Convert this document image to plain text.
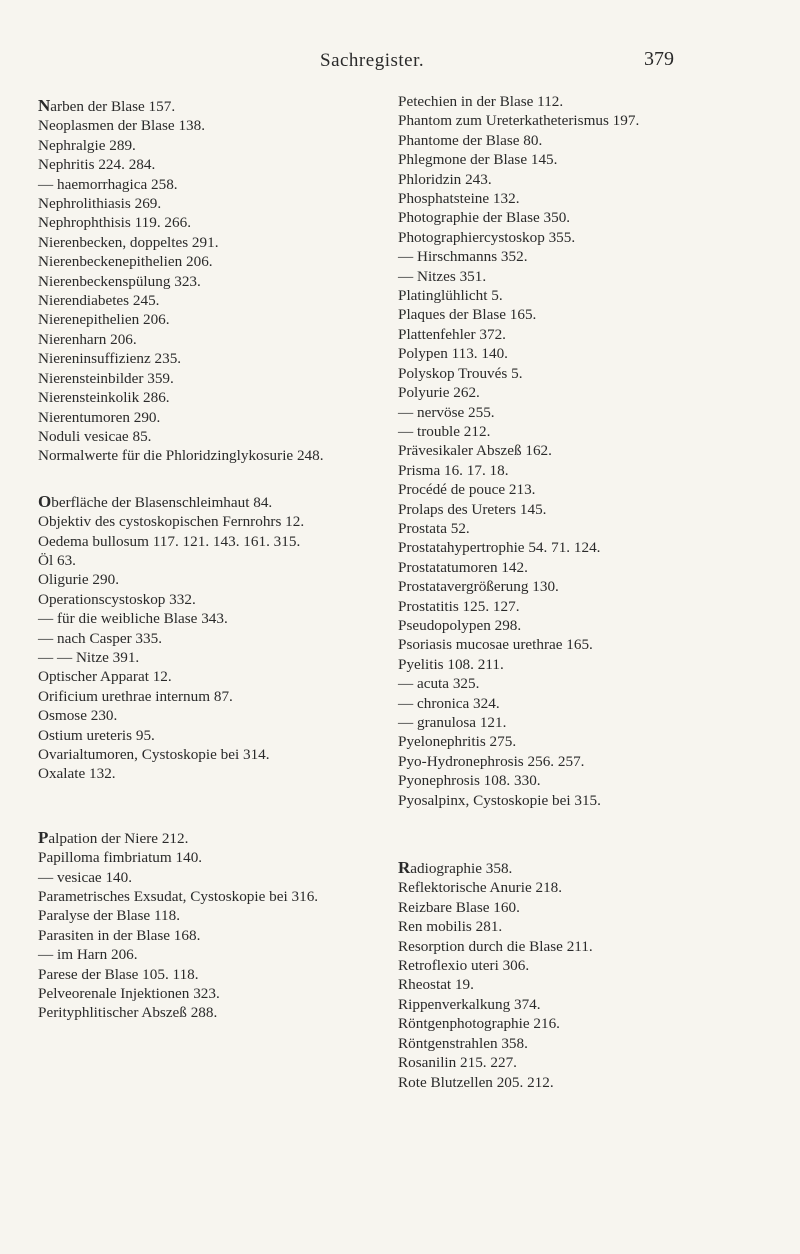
Sachregister.	379
Narben der Blase 157.
Neoplasmen der Blase 138.
Nephralgie 289.
Nephritis 224. 284.
— haemorrhagica 258.
Nephrolithiasis 269.
Nephrophthisis 119. 266.
Nierenbecken, doppeltes 291.
Nierenbeckenepithelien 206.
Nierenbeckenspülung 323.
Nierendiabetes 245.
Nierenepithelien 206.
Nierenharn 206.
Niereninsuffizienz 235.
Nierensteinbilder 359.
Nierensteinkolik 286.
Nierentumoren 290.
Noduli vesicae 85.
Normalwerte für die Phloridzinglykosurie 248.
Oberfläche der Blasenschleimhaut 84.
Objektiv des cystoskopischen Fernrohrs 12.
Oedema bullosum 117. 121. 143. 161. 315.
Öl 63.
Oligurie 290.
Operationscystoskop 332.
— für die weibliche Blase 343.
— nach Casper 335.
— — Nitze 391.
Optischer Apparat 12.
Orificium urethrae internum 87.
Osmose 230.
Ostium ureteris 95.
Ovarialtumoren, Cystoskopie bei 314.
Oxalate 132.
Palpation der Niere 212.
Papilloma fimbriatum 140.
— vesicae 140.
Parametrisches Exsudat, Cystoskopie bei 316.
Paralyse der Blase 118.
Parasiten in der Blase 168.
— im Harn 206.
Parese der Blase 105. 118.
Pelveorenale Injektionen 323.
Perityphlitischer Abszeß 288.
Petechien in der Blase 112.
Phantom zum Ureterkatheterismus 197.
Phantome der Blase 80.
Phlegmone der Blase 145.
Phloridzin 243.
Phosphatsteine 132.
Photographie der Blase 350.
Photographiercystoskop 355.
— Hirschmanns 352.
— Nitzes 351.
Platinglühlicht 5.
Plaques der Blase 165.
Plattenfehler 372.
Polypen 113. 140.
Polyskop Trouvés 5.
Polyurie 262.
— nervöse 255.
— trouble 212.
Prävesikaler Abszeß 162.
Prisma 16. 17. 18.
Procédé de pouce 213.
Prolaps des Ureters 145.
Prostata 52.
Prostatahypertrophie 54. 71. 124.
Prostatatumoren 142.
Prostatavergrößerung 130.
Prostatitis 125. 127.
Pseudopolypen 298.
Psoriasis mucosae urethrae 165.
Pyelitis 108. 211.
— acuta 325.
— chronica 324.
— granulosa 121.
Pyelonephritis 275.
Pyo-Hydronephrosis 256. 257.
Pyonephrosis 108. 330.
Pyosalpinx, Cystoskopie bei 315.
Radiographie 358.
Reflektorische Anurie 218.
Reizbare Blase 160.
Ren mobilis 281.
Resorption durch die Blase 211.
Retroflexio uteri 306.
Rheostat 19.
Rippenverkalkung 374.
Röntgenphotographie 216.
Röntgenstrahlen 358.
Rosanilin 215. 227.
Rote Blutzellen 205. 212.
